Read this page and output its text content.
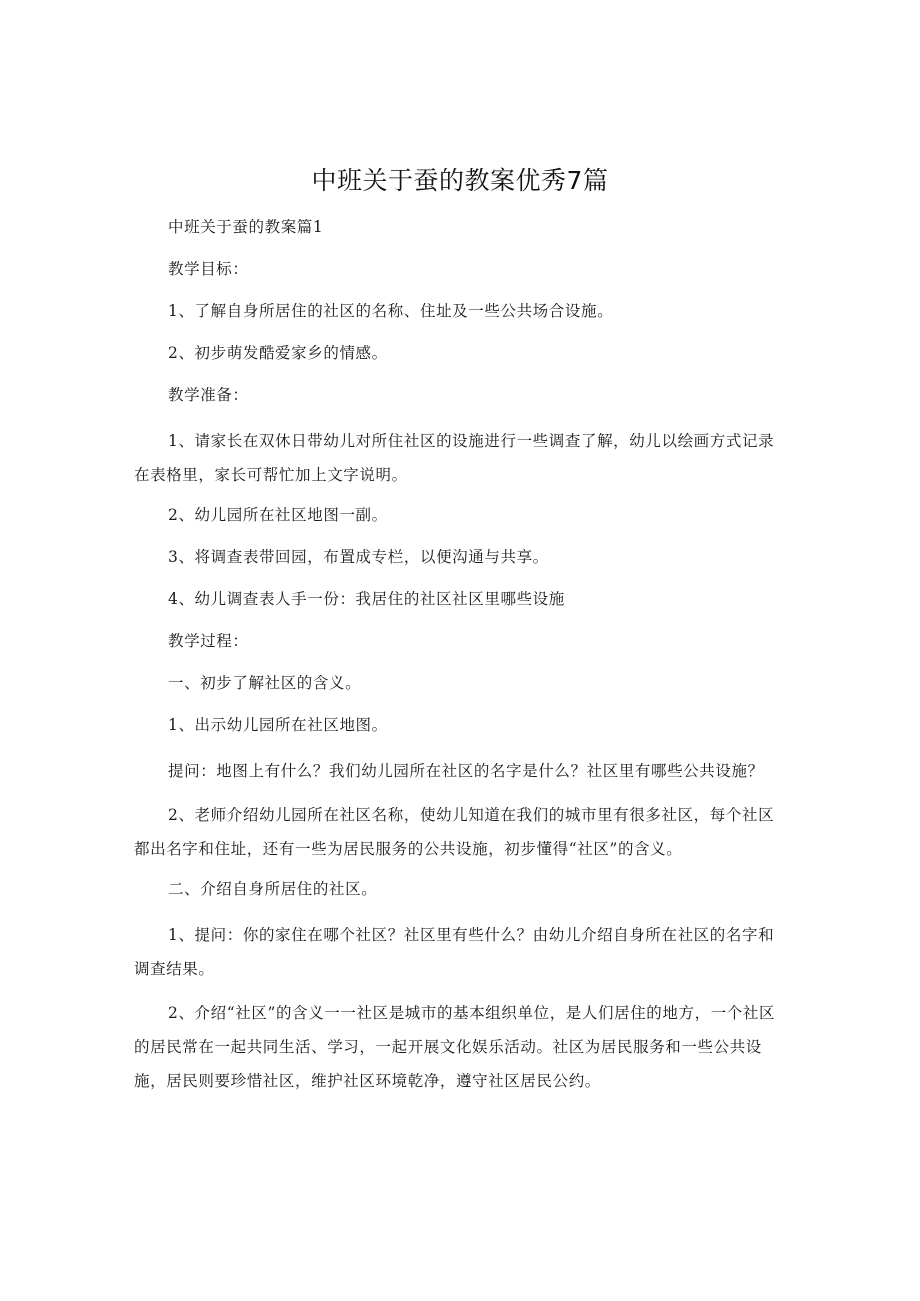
中班关于蚕的教案优秀7篇

中班关于蚕的教案篇1

教学目标：

1、了解自身所居住的社区的名称、住址及一些公共场合设施。

2、初步萌发酷爱家乡的情感。

教学准备：

1、请家长在双休日带幼儿对所住社区的设施进行一些调查了解，幼儿以绘画方式记录在表格里，家长可帮忙加上文字说明。

2、幼儿园所在社区地图一副。

3、将调查表带回园，布置成专栏，以便沟通与共享。

4、幼儿调查表人手一份：我居住的社区社区里哪些设施

教学过程：

一、初步了解社区的含义。

1、出示幼儿园所在社区地图。

提问：地图上有什么？我们幼儿园所在社区的名字是什么？社区里有哪些公共设施？

2、老师介绍幼儿园所在社区名称，使幼儿知道在我们的城市里有很多社区，每个社区都出名字和住址，还有一些为居民服务的公共设施，初步懂得“社区”的含义。

二、介绍自身所居住的社区。

1、提问：你的家住在哪个社区？社区里有些什么？由幼儿介绍自身所在社区的名字和调查结果。

2、介绍“社区”的含义一一社区是城市的基本组织单位，是人们居住的地方，一个社区的居民常在一起共同生活、学习，一起开展文化娱乐活动。社区为居民服务和一些公共设施，居民则要珍惜社区，维护社区环境乾净，遵守社区居民公约。
